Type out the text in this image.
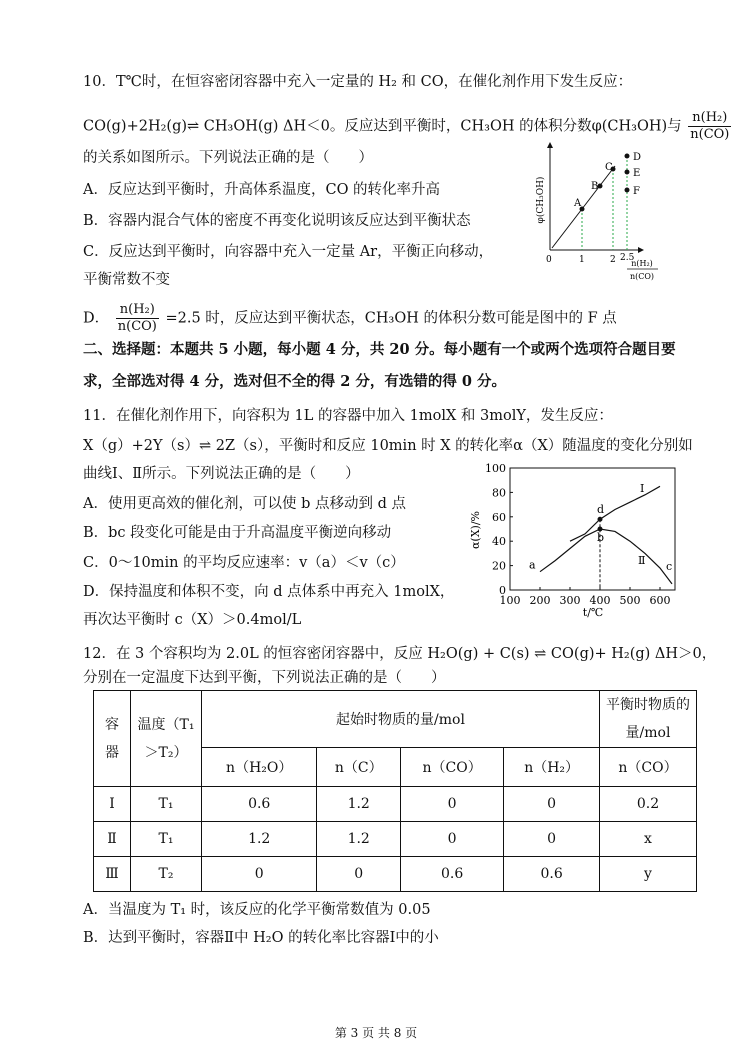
10．T℃时，在恒容密闭容器中充入一定量的 H₂ 和 CO，在催化剂作用下发生反应：
CO(g)+2H₂(g)⇌ CH₃OH(g) ΔH＜0。反应达到平衡时，CH₃OH 的体积分数φ(CH₃OH)与 $\frac{\text{n(H₂)}}{n(CO)}$
的关系如图所示。下列说法正确的是（　　）
A．反应达到平衡时，升高体系温度，CO 的转化率升高
B．容器内混合气体的密度不再变化说明该反应达到平衡状态
C．反应达到平衡时，向容器中充入一定量 Ar，平衡正向移动，
平衡常数不变
D． $\frac{\text{n(H₂)}}{n(CO)} =2.5$ 时，反应达到平衡状态，CH₃OH 的体积分数可能是图中的 F 点
φ(CH₃OH)	A
B
C
D
E
F
0	1	2 2.5
n(H₂)
n(CO)
二、选择题：本题共 5 小题，每小题 4 分，共 20 分。每小题有一个或两个选项符合题目要
求，全部选对得 4 分，选对但不全的得 2 分，有选错的得 0 分。
11．在催化剂作用下，向容积为 1L 的容器中加入 1molX 和 3molY，发生反应：
X（g）+2Y（s）⇌ 2Z（s），平衡时和反应 10min 时 X 的转化率α（X）随温度的变化分别如
曲线Ⅰ、Ⅱ所示。下列说法正确的是（　　）
A．使用更高效的催化剂，可以使 b 点移动到 d 点
B．bc 段变化可能是由于升高温度平衡逆向移动
C．0～10min 的平均反应速率：v（a）＜v（c）
D．保持温度和体积不变，向 d 点体系中再充入 1molX，
再次达平衡时 c（X）＞0.4mol/L
α(X)/%
t/℃
100 200 300 400 500 600
0
20
40
60
80
100
a
b
c
d
Ⅰ
Ⅱ
12．在 3 个容积均为 2.0L 的恒容密闭容器中，反应 H₂O(g) + C(s) ⇌ CO(g)+ H₂(g) ΔH＞0，
分别在一定温度下达到平衡，下列说法正确的是（　　）
容器	温度（T₁＞T₂）	起始时物质的量/mol				平衡时物质的量/mol
		n（H₂O）	n（C）	n（CO）	n（H₂）	n（CO）
Ⅰ	T₁	0.6	1.2	0	0	0.2
Ⅱ	T₁	1.2	1.2	0	0	x
Ⅲ	T₂	0	0	0.6	0.6	y
A．当温度为 T₁ 时，该反应的化学平衡常数值为 0.05
B．达到平衡时，容器Ⅱ中 H₂O 的转化率比容器Ⅰ中的小
第 3 页 共 8 页
